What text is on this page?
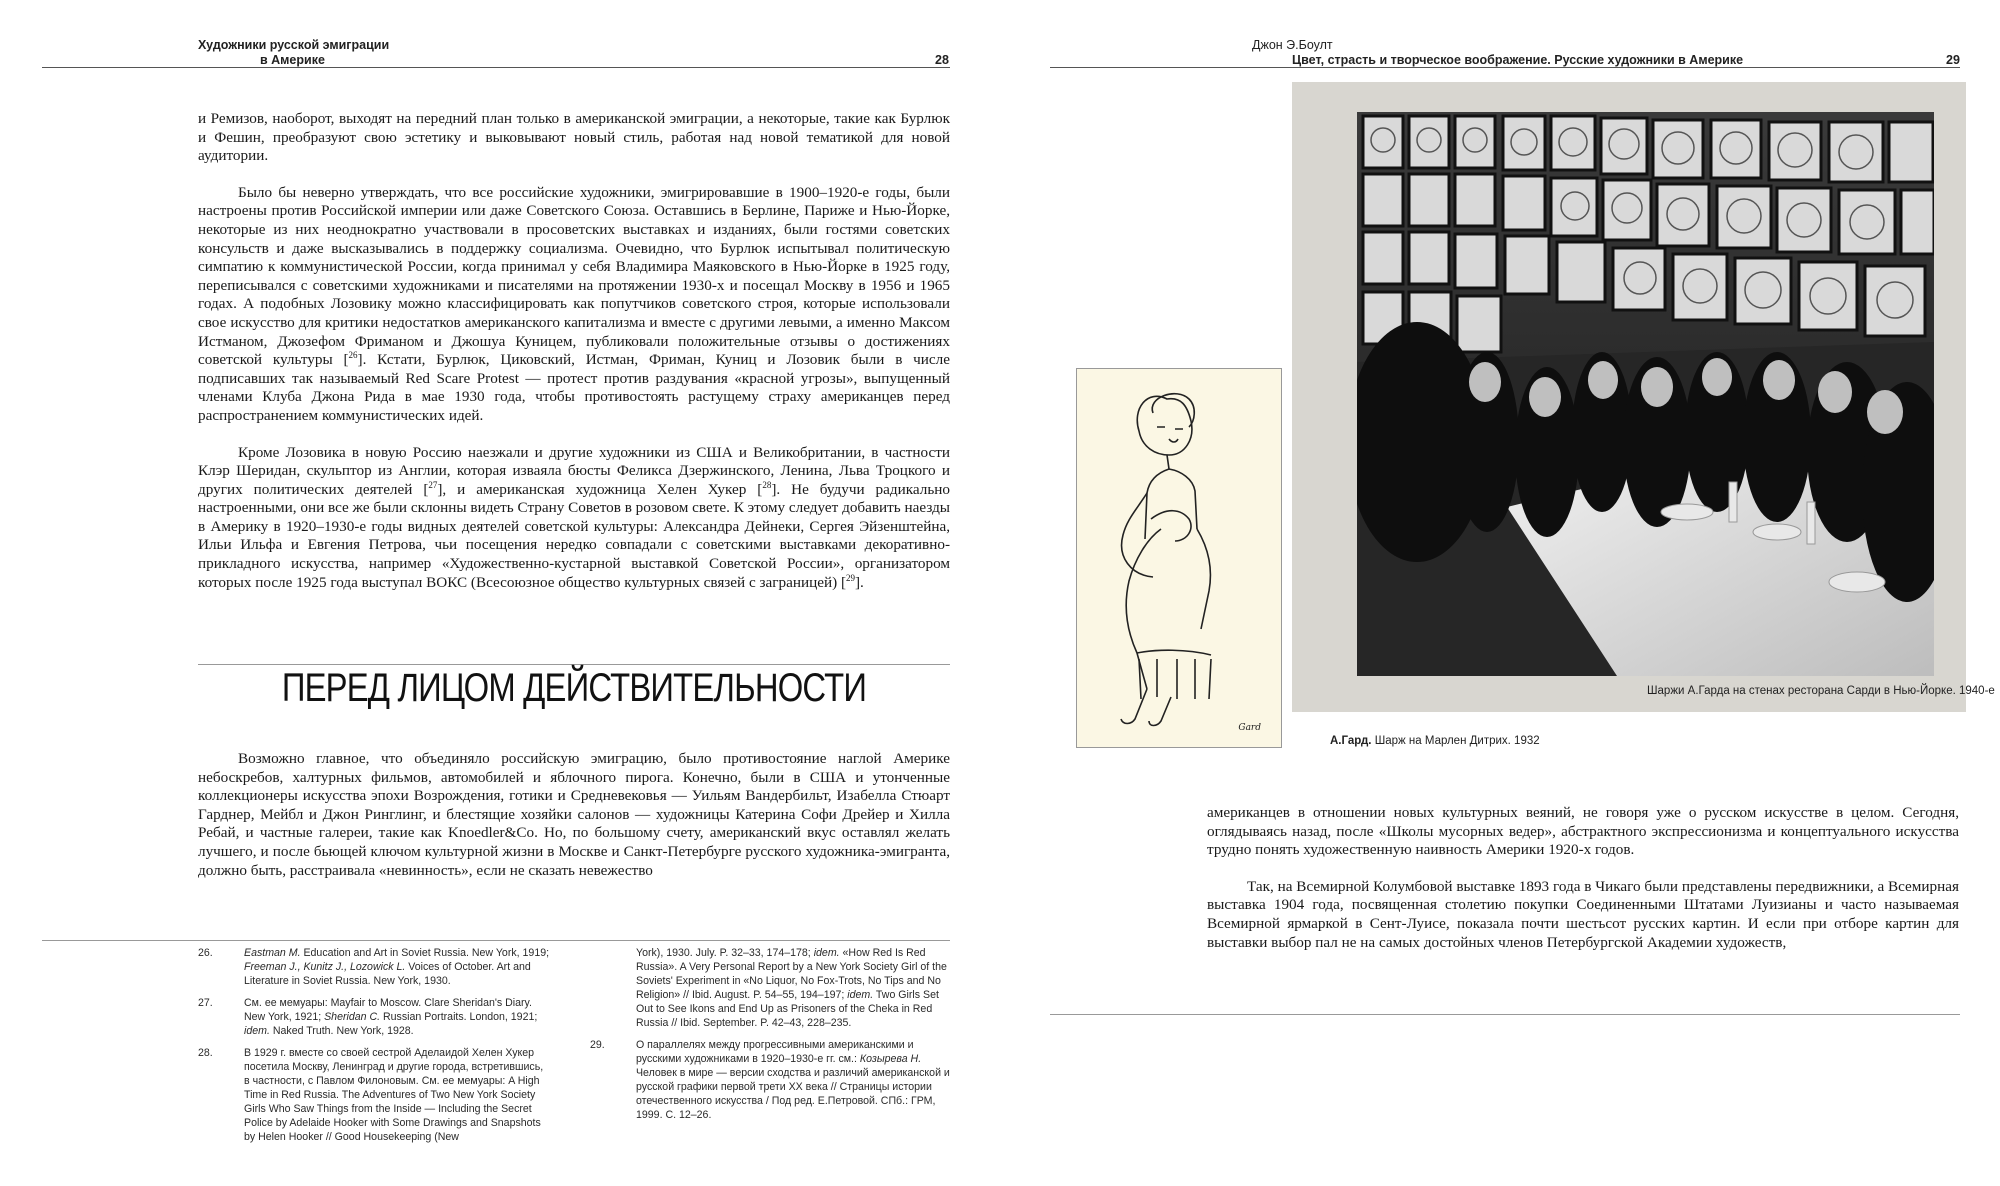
Художники русской эмиграции
в Америке	28

и Ремизов, наоборот, выходят на передний план только в американской эмиграции, а некоторые, такие как Бурлюк и Фешин, преобразуют свою эстетику и выковывают новый стиль, работая над новой тематикой для новой аудитории.

Было бы неверно утверждать, что все российские художники, эмигрировавшие в 1900–1920-е годы, были настроены против Российской империи или даже Советского Союза. Оставшись в Берлине, Париже и Нью-Йорке, некоторые из них неоднократно участвовали в просоветских выставках и изданиях, были гостями советских консульств и даже высказывались в поддержку социализма. Очевидно, что Бурлюк испытывал политическую симпатию к коммунистической России, когда принимал у себя Владимира Маяковского в Нью-Йорке в 1925 году, переписывался с советскими художниками и писателями на протяжении 1930-х и посещал Москву в 1956 и 1965 годах. А подобных Лозовику можно классифицировать как попутчиков советского строя, которые использовали свое искусство для критики недостатков американского капитализма и вместе с другими левыми, а именно Максом Истманом, Джозефом Фриманом и Джошуа Куницем, публиковали положительные отзывы о достижениях советской культуры [$^{26}$]. Кстати, Бурлюк, Циковский, Истман, Фриман, Куниц и Лозовик были в числе подписавших так называемый Red Scare Protest — протест против раздувания «красной угрозы», выпущенный членами Клуба Джона Рида в мае 1930 года, чтобы противостоять растущему страху американцев перед распространением коммунистических идей.

Кроме Лозовика в новую Россию наезжали и другие художники из США и Великобритании, в частности Клэр Шеридан, скульптор из Англии, которая изваяла бюсты Феликса Дзержинского, Ленина, Льва Троцкого и других политических деятелей [$^{27}$], и американская художница Хелен Хукер [$^{28}$]. Не будучи радикально настроенными, они все же были склонны видеть Страну Советов в розовом свете. К этому следует добавить наезды в Америку в 1920–1930-е годы видных деятелей советской культуры: Александра Дейнеки, Сергея Эйзенштейна, Ильи Ильфа и Евгения Петрова, чьи посещения нередко совпадали с советскими выставками декоративно-прикладного искусства, например «Художественно-кустарной выставкой Советской России», организатором которых после 1925 года выступал ВОКС (Всесоюзное общество культурных связей с заграницей) [$^{29}$].

ПЕРЕД ЛИЦОМ ДЕЙСТВИТЕЛЬНОСТИ

Возможно главное, что объединяло российскую эмиграцию, было противостояние наглой Америке небоскребов, халтурных фильмов, автомобилей и яблочного пирога. Конечно, были в США и утонченные коллекционеры искусства эпохи Возрождения, готики и Средневековья — Уильям Вандербильт, Изабелла Стюарт Гарднер, Мейбл и Джон Ринглинг, и блестящие хозяйки салонов — художницы Катерина Софи Дрейер и Хилла Ребай, и частные галереи, такие как Knoedler&Co. Но, по большому счету, американский вкус оставлял желать лучшего, и после бьющей ключом культурной жизни в Москве и Санкт-Петербурге русского художника-эмигранта, должно быть, расстраивала «невинность», если не сказать невежество

26.	Eastman M. Education and Art in Soviet Russia. New York, 1919;
Freeman J., Kunitz J., Lozowick L. Voices of October. Art and Literature in Soviet Russia. New York, 1930.
27.	См. ее мемуары: Mayfair to Moscow. Clare Sheridan's Diary. New York, 1921; Sheridan C. Russian Portraits. London, 1921; idem. Naked Truth. New York, 1928.
28.	В 1929 г. вместе со своей сестрой Аделаидой Хелен Хукер посетила Москву, Ленинград и другие города, встретившись, в частности, с Павлом Филоновым. См. ее мемуары: A High Time in Red Russia. The Adventures of Two New York Society Girls Who Saw Things from the Inside — Including the Secret Police by Adelaide Hooker with Some Drawings and Snapshots by Helen Hooker // Good Housekeeping (New
York), 1930. July. P. 32–33, 174–178; idem. «How Red Is Red Russia». A Very Personal Report by a New York Society Girl of the Soviets' Experiment in «No Liquor, No Fox-Trots, No Tips and No Religion» // Ibid. August. P. 54–55, 194–197; idem. Two Girls Set Out to See Ikons and End Up as Prisoners of the Cheka in Red Russia // Ibid. September. P. 42–43, 228–235.
29.	О параллелях между прогрессивными американскими и русскими художниками в 1920–1930-е гг. см.: Козырева Н. Человек в мире — версии сходства и различий американской и русской графики первой трети XX века // Страницы истории отечественного искусства / Под ред. Е.Петровой. СПб.: ГРМ, 1999. С. 12–26.
Джон Э.Боулт
Цвет, страсть и творческое воображение. Русские художники в Америке	29
Шаржи А.Гарда на стенах ресторана Сарди в Нью-Йорке. 1940-е
Gard
А.Гард. Шарж на Марлен Дитрих. 1932

американцев в отношении новых культурных веяний, не говоря уже о русском искусстве в целом. Сегодня, оглядываясь назад, после «Школы мусорных ведер», абстрактного экспрессионизма и концептуального искусства трудно понять художественную наивность Америки 1920-х годов.

Так, на Всемирной Колумбовой выставке 1893 года в Чикаго были представлены передвижники, а Всемирная выставка 1904 года, посвященная столетию покупки Соединенными Штатами Луизианы и часто называемая Всемирной ярмаркой в Сент-Луисе, показала почти шестьсот русских картин. И если при отборе картин для выставки выбор пал не на самых достойных членов Петербургской Академии художеств,
